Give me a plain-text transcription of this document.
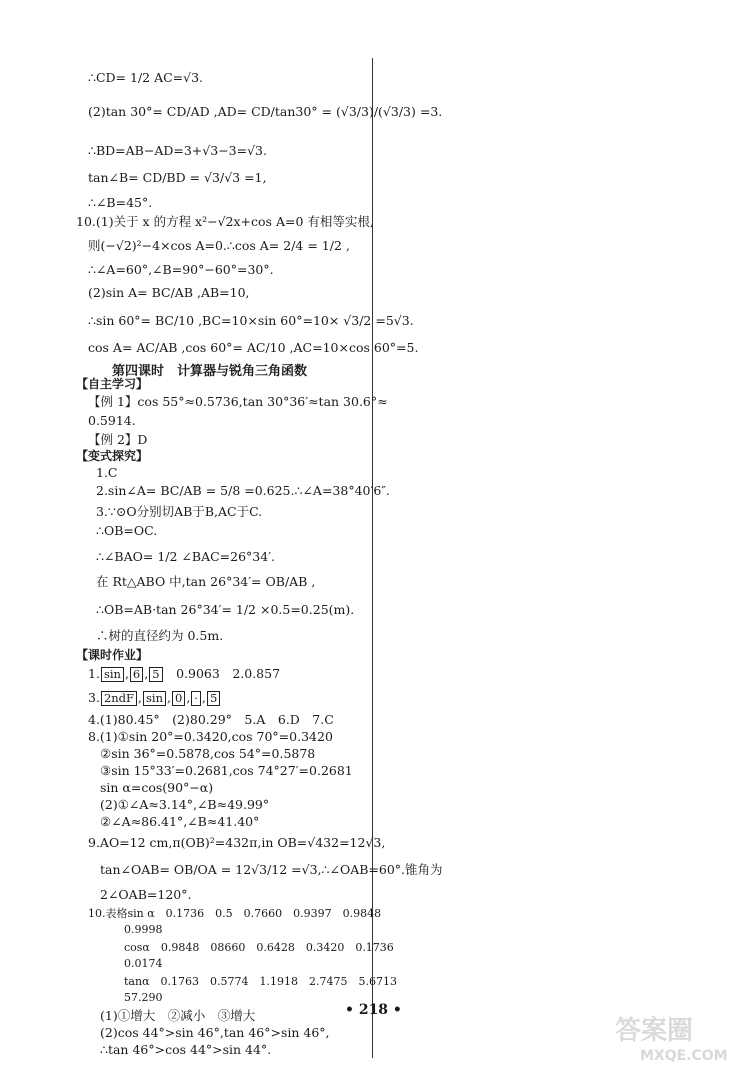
∴CD= 1/2 AC=√3.
(2)tan 30°= CD/AD ,AD= CD/tan30° = (√3/3)/(√3/3) =3.
∴BD=AB−AD=3+√3−3=√3.
tan∠B= CD/BD = √3/√3 =1,
∴∠B=45°.
10.(1)关于 x 的方程 x²−√2x+cos A=0 有相等实根,
则(−√2)²−4×cos A=0.∴cos A= 2/4 = 1/2 ,
∴∠A=60°,∠B=90°−60°=30°.
(2)sin A= BC/AB ,AB=10,
∴sin 60°= BC/10 ,BC=10×sin 60°=10× √3/2 =5√3.
cos A= AC/AB ,cos 60°= AC/10 ,AC=10×cos 60°=5.
第四课时　计算器与锐角三角函数
【自主学习】
【例 1】cos 55°≈0.5736,tan 30°36′≈tan 30.6°≈
0.5914.
【例 2】D
【变式探究】
1.C
2.sin∠A= BC/AB = 5/8 =0.625.∴∠A=38°40′6″.
3.∵⊙O分别切AB于B,AC于C.
∴OB=OC.
∴∠BAO= 1/2 ∠BAC=26°34′.
在 Rt△ABO 中,tan 26°34′= OB/AB ,
∴OB=AB·tan 26°34′= 1/2 ×0.5=0.25(m).
∴树的直径约为 0.5m.
【课时作业】
1. sin , 6 , 5　 0.9063　2.0.857
3. 2ndF , sin , 0 , · , 5
4.(1)80.45°　(2)80.29°　5.A　6.D　7.C
8.(1)①sin 20°=0.3420,cos 70°=0.3420
②sin 36°=0.5878,cos 54°=0.5878
③sin 15°33′=0.2681,cos 74°27′=0.2681
sin α=cos(90°−α)
(2)①∠A≈3.14°,∠B≈49.99°
②∠A≈86.41°,∠B≈41.40°
9.AO=12 cm,π(OB)²=432π,in OB=√432=12√3,
tan∠OAB= OB/OA = 12√3/12 =√3,∴∠OAB=60°.锥角为
2∠OAB=120°.
10.表格sin α　0.1736　0.5　0.7660　0.9397　0.9848
0.9998
cosα　0.9848　08660　0.6428　0.3420　0.1736
0.0174
tanα　0.1763　0.5774　1.1918　2.7475　5.6713
57.290
(1)①增大　②减小　③增大
(2)cos 44°>sin 46°,tan 46°>sin 46°,
∴tan 46°>cos 44°>sin 44°.
• 218 •
答案圈
MXQE.COM
